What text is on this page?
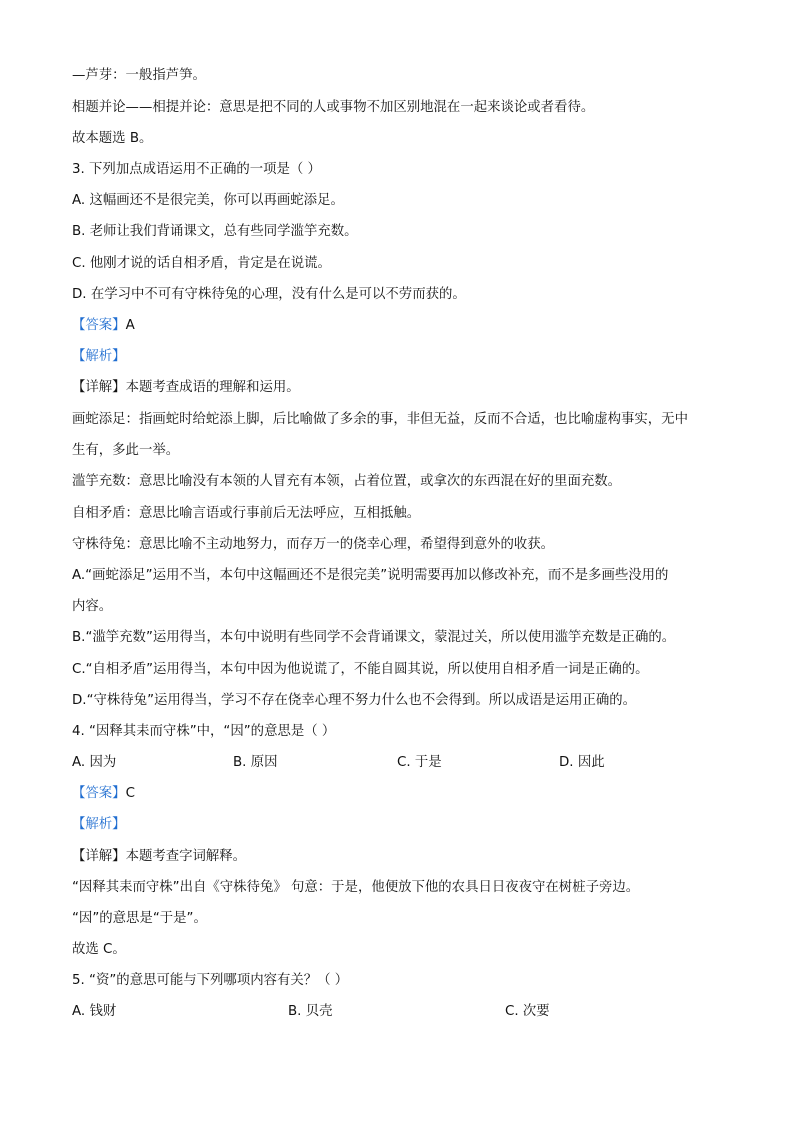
—芦芽：一般指芦笋。
相题并论——相提并论：意思是把不同的人或事物不加区别地混在一起来谈论或者看待。
故本题选 B。
3. 下列加点成语运用不正确的一项是（ ）
A. 这幅画还不是很完美，你可以再画蛇添足。
B. 老师让我们背诵课文，总有些同学滥竽充数。
C. 他刚才说的话自相矛盾，肯定是在说谎。
D. 在学习中不可有守株待兔的心理，没有什么是可以不劳而获的。
【答案】A
【解析】
【详解】本题考查成语的理解和运用。
画蛇添足：指画蛇时给蛇添上脚，后比喻做了多余的事，非但无益，反而不合适，也比喻虚构事实，无中
生有，多此一举。
滥竽充数：意思比喻没有本领的人冒充有本领，占着位置，或拿次的东西混在好的里面充数。
自相矛盾：意思比喻言语或行事前后无法呼应，互相抵触。
守株待兔：意思比喻不主动地努力，而存万一的侥幸心理，希望得到意外的收获。
A.“画蛇添足”运用不当，本句中这幅画还不是很完美”说明需要再加以修改补充，而不是多画些没用的
内容。
B.“滥竽充数”运用得当，本句中说明有些同学不会背诵课文，蒙混过关，所以使用滥竽充数是正确的。
C.“自相矛盾”运用得当，本句中因为他说谎了，不能自圆其说，所以使用自相矛盾一词是正确的。
D.“守株待兔”运用得当，学习不存在侥幸心理不努力什么也不会得到。所以成语是运用正确的。
4. “因释其耒而守株”中，“因”的意思是（ ）
A. 因为	B. 原因	C. 于是	D. 因此
【答案】C
【解析】
【详解】本题考查字词解释。
“因释其耒而守株”出自《守株待兔》 句意：于是，他便放下他的农具日日夜夜守在树桩子旁边。
“因”的意思是“于是”。
故选 C。
5. “资”的意思可能与下列哪项内容有关？（ ）
A. 钱财	B. 贝壳	C. 次要
